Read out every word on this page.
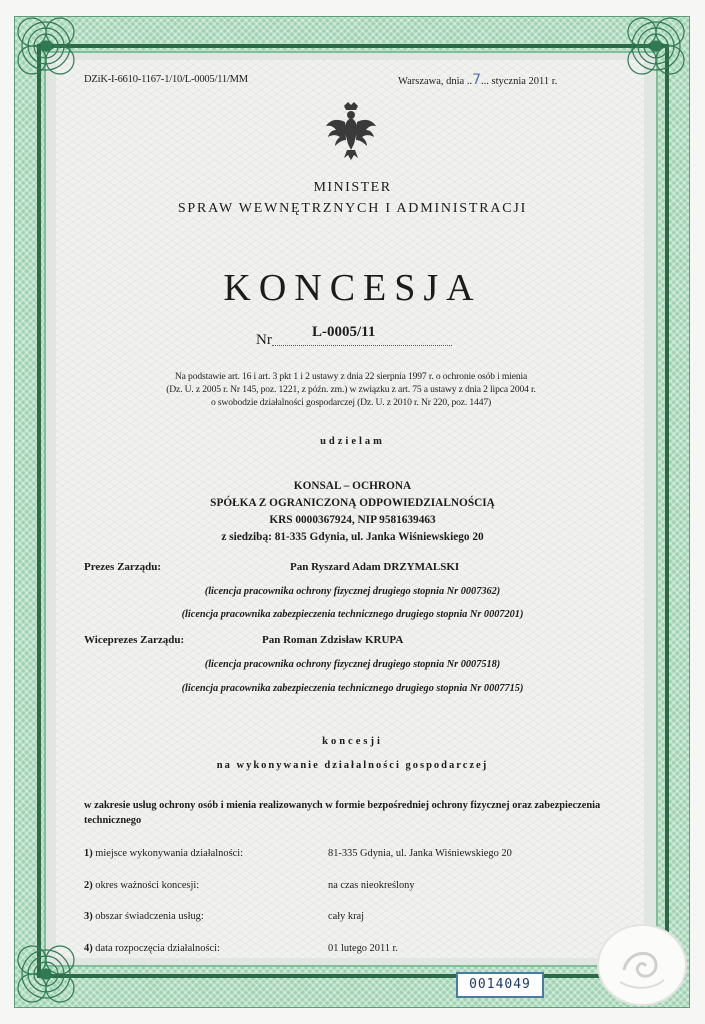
DZiK-I-6610-1167-1/10/L-0005/11/MM	Warszawa, dnia ..7... stycznia 2011 r.
MINISTER
SPRAW WEWNĘTRZNYCH I ADMINISTRACJI
KONCESJA
Nr	L-0005/11
Na podstawie art. 16 i art. 3 pkt 1 i 2 ustawy z dnia 22 sierpnia 1997 r. o ochronie osób i mienia
(Dz. U. z 2005 r. Nr 145, poz. 1221, z późn. zm.) w związku z art. 75 a ustawy z dnia 2 lipca 2004 r.
o swobodzie działalności gospodarczej (Dz. U. z 2010 r. Nr 220, poz. 1447)
udzielam
KONSAL – OCHRONA
SPÓŁKA Z OGRANICZONĄ ODPOWIEDZIALNOŚCIĄ
KRS 0000367924, NIP 9581639463
z siedzibą: 81-335 Gdynia, ul. Janka Wiśniewskiego 20
Prezes Zarządu:	Pan Ryszard Adam DRZYMALSKI
(licencja pracownika ochrony fizycznej drugiego stopnia Nr 0007362)
(licencja pracownika zabezpieczenia technicznego drugiego stopnia Nr 0007201)
Wiceprezes Zarządu:	Pan Roman Zdzisław KRUPA
(licencja pracownika ochrony fizycznej drugiego stopnia Nr 0007518)
(licencja pracownika zabezpieczenia technicznego drugiego stopnia Nr 0007715)
koncesji
na wykonywanie działalności gospodarczej
w zakresie usług ochrony osób i mienia realizowanych w formie bezpośredniej ochrony fizycznej oraz zabezpieczenia technicznego
1) miejsce wykonywania działalności:	81-335 Gdynia, ul. Janka Wiśniewskiego 20
2) okres ważności koncesji:	na czas nieokreślony
3) obszar świadczenia usług:	cały kraj
4) data rozpoczęcia działalności:	01 lutego 2011 r.
0014049
